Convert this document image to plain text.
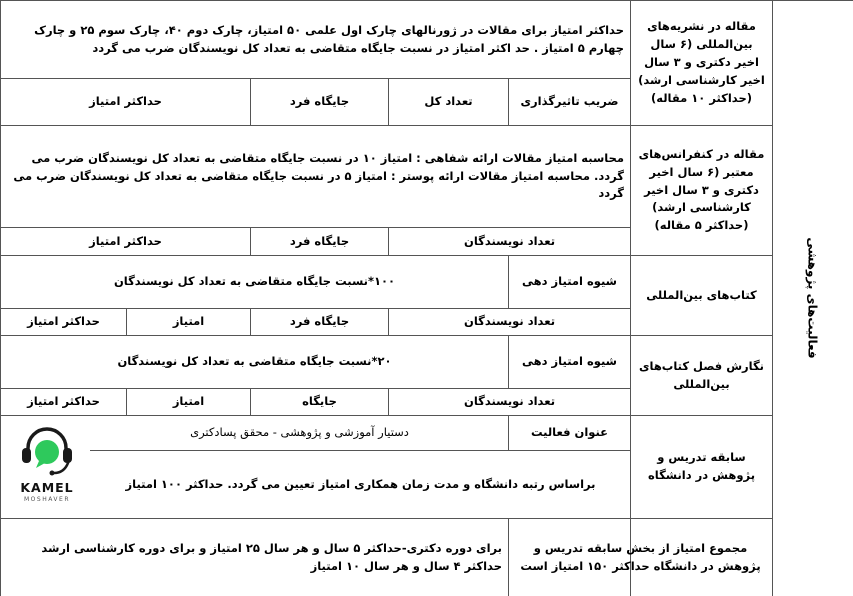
فعالیت‌های پژوهشی
مقاله در نشریه‌های بین‌المللی (۶ سال اخیر دکتری و ۳ سال اخیر کارشناسی ارشد)(حداکثر ۱۰ مقاله)
حداکثر امتیاز برای مقالات در ژورنالهای چارک اول علمی ۵۰ امتیاز، چارک دوم ۴۰، چارک سوم ۲۵ و چارک چهارم ۵ امتیاز . حد اکثر امتیاز در نسبت جایگاه متقاضی به تعداد کل نویسندگان ضرب می گردد
ضریب تاثیرگذاری
تعداد کل
جایگاه فرد
حداکثر امتیاز
مقاله در کنفرانس‌های معتبر (۶ سال اخیر دکتری و ۳ سال اخیر کارشناسی ارشد) (حداکثر ۵ مقاله)
محاسبه امتیاز مقالات ارائه شفاهی : امتیاز ۱۰ در نسبت جایگاه متقاضی به تعداد کل نویسندگان ضرب می گردد. محاسبه امتیاز مقالات ارائه پوستر : امتیاز ۵ در نسبت جایگاه متقاضی به تعداد کل نویسندگان ضرب می گردد
تعداد نویسندگان
جایگاه فرد
حداکثر امتیاز
کتاب‌های بین‌المللی
شیوه امتیاز دهی
۱۰۰*نسبت جایگاه متقاضی به تعداد کل نویسندگان
تعداد نویسندگان
جایگاه فرد
امتیاز
حداکثر امتیاز
نگارش فصل کتاب‌های بین‌المللی
شیوه امتیاز دهی
۲۰*نسبت جایگاه متقاضی به تعداد کل نویسندگان
تعداد نویسندگان
جایگاه
امتیاز
حداکثر امتیاز
سابقه تدریس و پژوهش در دانشگاه
عنوان فعالیت
دستیار آموزشی و پژوهشی - محقق پسادکتری
براساس رتبه دانشگاه و مدت زمان همکاری امتیاز تعیین می گردد. حداکثر ۱۰۰ امتیاز
KAMEL
MOSHAVER
مجموع امتیاز از بخش سابقه تدریس و پژوهش در دانشگاه حداکثر ۱۵۰ امتیاز است
برای دوره دکتری-حداکثر ۵ سال و هر سال ۲۵ امتیاز و برای دوره کارشناسی ارشد حداکثر ۴ سال و هر سال ۱۰ امتیاز
